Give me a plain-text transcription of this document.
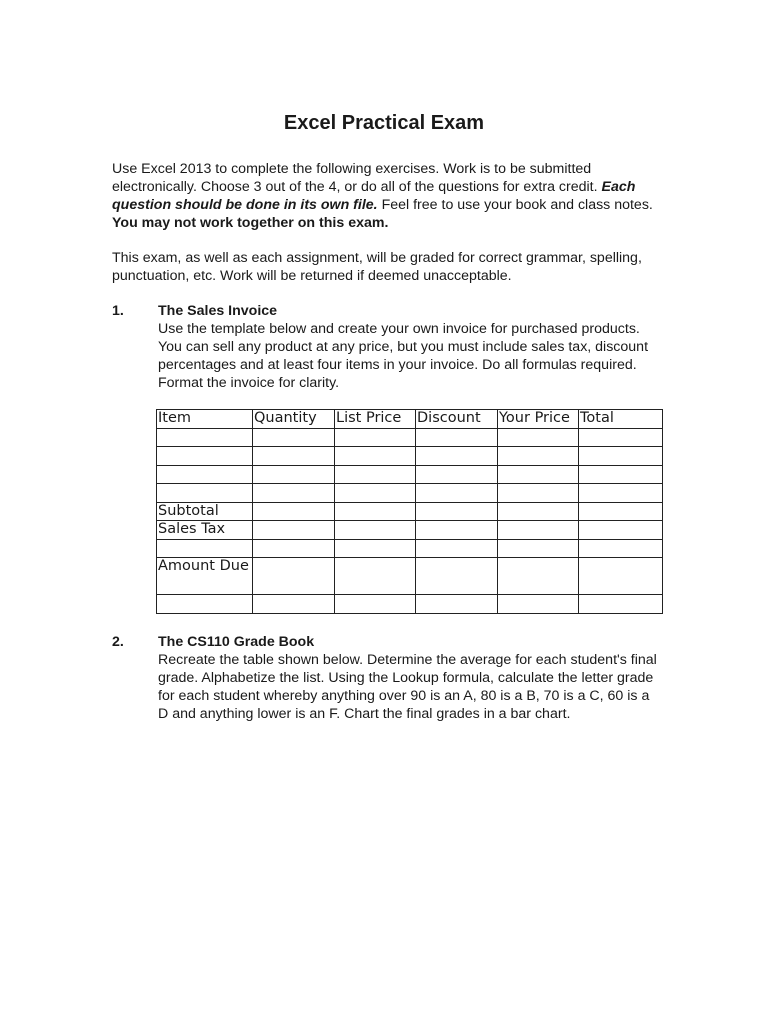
Excel Practical Exam

Use Excel 2013 to complete the following exercises. Work is to be submitted electronically. Choose 3 out of the 4, or do all of the questions for extra credit. Each question should be done in its own file. Feel free to use your book and class notes. You may not work together on this exam.

This exam, as well as each assignment, will be graded for correct grammar, spelling, punctuation, etc. Work will be returned if deemed unacceptable.

1. The Sales Invoice

Use the template below and create your own invoice for purchased products. You can sell any product at any price, but you must include sales tax, discount percentages and at least four items in your invoice. Do all formulas required. Format the invoice for clarity.

Item	Quantity	List Price	Discount	Your Price	Total

Subtotal					
Sales Tax					

Amount Due					

2. The CS110 Grade Book

Recreate the table shown below. Determine the average for each student's final grade. Alphabetize the list. Using the Lookup formula, calculate the letter grade for each student whereby anything over 90 is an A, 80 is a B, 70 is a C, 60 is a D and anything lower is an F. Chart the final grades in a bar chart.
